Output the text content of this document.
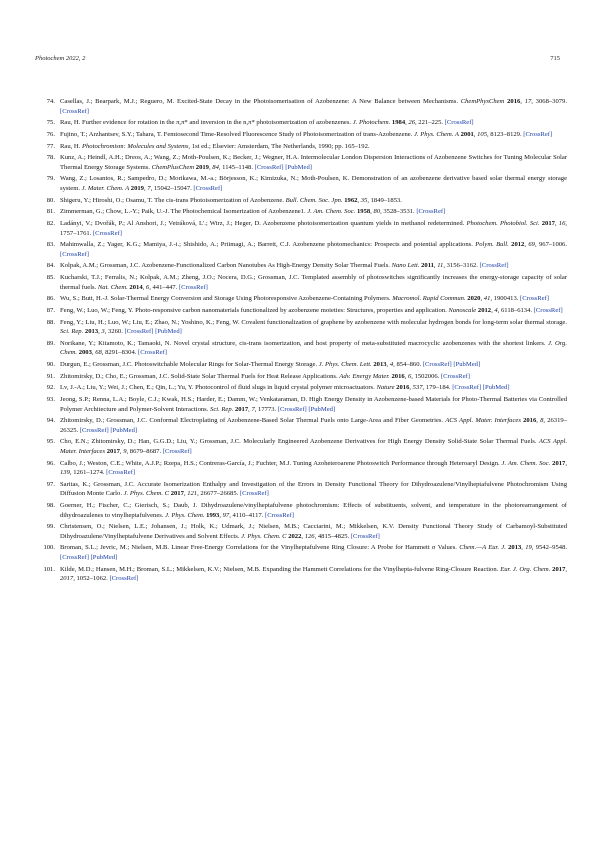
Photochem 2022, 2	715
74. Casellas, J.; Bearpark, M.J.; Reguero, M. Excited-State Decay in the Photoisomerisation of Azobenzene: A New Balance between Mechanisms. ChemPhysChem 2016, 17, 3068–3079. [CrossRef]
75. Rau, H. Further evidence for rotation in the π,π* and inversion in the n,π* photoisomerization of azobenzenes. J. Photochem. 1984, 26, 221–225. [CrossRef]
76. Fujino, T.; Arzhantsev, S.Y.; Tahara, T. Femtosecond Time-Resolved Fluorescence Study of Photoisomerization of trans-Azobenzene. J. Phys. Chem. A 2001, 105, 8123–8129. [CrossRef]
77. Rau, H. Photochromism: Molecules and Systems, 1st ed.; Elsevier: Amsterdam, The Netherlands, 1990; pp. 165–192.
78. Kunz, A.; Heindl, A.H.; Dreos, A.; Wang, Z.; Moth-Poulsen, K.; Becker, J.; Wegner, H.A. Intermolecular London Dispersion Interactions of Azobenzene Switches for Tuning Molecular Solar Thermal Energy Storage Systems. ChemPlusChem 2019, 84, 1145–1148. [CrossRef] [PubMed]
79. Wang, Z.; Losantos, R.; Sampedro, D.; Morikawa, M.-a.; Börjesson, K.; Kimizuka, N.; Moth-Poulsen, K. Demonstration of an azobenzene derivative based solar thermal energy storage system. J. Mater. Chem. A 2019, 7, 15042–15047. [CrossRef]
80. Shigeru, Y.; Hiroshi, O.; Osamu, T. The cis-trans Photoisomerization of Azobenzene. Bull. Chem. Soc. Jpn. 1962, 35, 1849–1853.
81. Zimmerman, G.; Chow, L.-Y.; Paik, U.-J. The Photochemical Isomerization of Azobenzene1. J. Am. Chem. Soc. 1958, 80, 3528–3531. [CrossRef]
82. Ladányi, V.; Dvořák, P.; Al Anshori, J.; Vetráková, L'.; Wirz, J.; Heger, D. Azobenzene photoisomerization quantum yields in methanol redetermined. Photochem. Photobiol. Sci. 2017, 16, 1757–1761. [CrossRef]
83. Mahimwalla, Z.; Yager, K.G.; Mamiya, J.-i.; Shishido, A.; Priimagi, A.; Barrett, C.J. Azobenzene photomechanics: Prospects and potential applications. Polym. Bull. 2012, 69, 967–1006. [CrossRef]
84. Kolpak, A.M.; Grossman, J.C. Azobenzene-Functionalized Carbon Nanotubes As High-Energy Density Solar Thermal Fuels. Nano Lett. 2011, 11, 3156–3162. [CrossRef]
85. Kucharski, T.J.; Ferralis, N.; Kolpak, A.M.; Zheng, J.O.; Nocera, D.G.; Grossman, J.C. Templated assembly of photoswitches significantly increases the energy-storage capacity of solar thermal fuels. Nat. Chem. 2014, 6, 441–447. [CrossRef]
86. Wu, S.; Butt, H.-J. Solar-Thermal Energy Conversion and Storage Using Photoresponsive Azobenzene-Containing Polymers. Macromol. Rapid Commun. 2020, 41, 1900413. [CrossRef]
87. Feng, W.; Luo, W.; Feng, Y. Photo-responsive carbon nanomaterials functionalized by azobenzene moieties: Structures, properties and application. Nanoscale 2012, 4, 6118–6134. [CrossRef]
88. Feng, Y.; Liu, H.; Luo, W.; Liu, E.; Zhao, N.; Yoshino, K.; Feng, W. Covalent functionalization of graphene by azobenzene with molecular hydrogen bonds for long-term solar thermal storage. Sci. Rep. 2013, 3, 3260. [CrossRef] [PubMed]
89. Norikane, Y.; Kitamoto, K.; Tamaoki, N. Novel crystal structure, cis-trans isomerization, and host property of meta-substituted macrocyclic azobenzenes with the shortest linkers. J. Org. Chem. 2003, 68, 8291–8304. [CrossRef]
90. Durgun, E.; Grossman, J.C. Photoswitchable Molecular Rings for Solar-Thermal Energy Storage. J. Phys. Chem. Lett. 2013, 4, 854–860. [CrossRef] [PubMed]
91. Zhitomirsky, D.; Cho, E.; Grossman, J.C. Solid-State Solar Thermal Fuels for Heat Release Applications. Adv. Energy Mater. 2016, 6, 1502006. [CrossRef]
92. Lv, J.-A.; Liu, Y.; Wei, J.; Chen, E.; Qin, L.; Yu, Y. Photocontrol of fluid slugs in liquid crystal polymer microactuators. Nature 2016, 537, 179–184. [CrossRef] [PubMed]
93. Jeong, S.P.; Renna, L.A.; Boyle, C.J.; Kwak, H.S.; Harder, E.; Damm, W.; Venkataraman, D. High Energy Density in Azobenzene-based Materials for Photo-Thermal Batteries via Controlled Polymer Architecture and Polymer-Solvent Interactions. Sci. Rep. 2017, 7, 17773. [CrossRef] [PubMed]
94. Zhitomirsky, D.; Grossman, J.C. Conformal Electroplating of Azobenzene-Based Solar Thermal Fuels onto Large-Area and Fiber Geometries. ACS Appl. Mater. Interfaces 2016, 8, 26319–26325. [CrossRef] [PubMed]
95. Cho, E.N.; Zhitomirsky, D.; Han, G.G.D.; Liu, Y.; Grossman, J.C. Molecularly Engineered Azobenzene Derivatives for High Energy Density Solid-State Solar Thermal Fuels. ACS Appl. Mater. Interfaces 2017, 9, 8679–8687. [CrossRef]
96. Calbo, J.; Weston, C.E.; White, A.J.P.; Rzepa, H.S.; Contreras-García, J.; Fuchter, M.J. Tuning Azoheteroarene Photoswitch Performance through Heteroaryl Design. J. Am. Chem. Soc. 2017, 139, 1261–1274. [CrossRef]
97. Saritas, K.; Grossman, J.C. Accurate Isomerization Enthalpy and Investigation of the Errors in Density Functional Theory for Dihydroazulene/Vinylheptafulvene Photochromism Using Diffusion Monte Carlo. J. Phys. Chem. C 2017, 121, 26677–26685. [CrossRef]
98. Goerner, H.; Fischer, C.; Gierisch, S.; Daub, J. Dihydroazulene/vinylheptafulvene photochromism: Effects of substituents, solvent, and temperature in the photorearrangement of dihydroazulenes to vinylheptafulvenes. J. Phys. Chem. 1993, 97, 4110–4117. [CrossRef]
99. Christensen, O.; Nielsen, L.E.; Johansen, J.; Holk, K.; Udmark, J.; Nielsen, M.B.; Cacciarini, M.; Mikkelsen, K.V. Density Functional Theory Study of Carbamoyl-Substituted Dihydroazulene/Vinylheptafulvene Derivatives and Solvent Effects. J. Phys. Chem. C 2022, 126, 4815–4825. [CrossRef]
100. Broman, S.L.; Jevric, M.; Nielsen, M.B. Linear Free-Energy Correlations for the Vinylheptafulvene Ring Closure: A Probe for Hammett σ Values. Chem.—A Eur. J. 2013, 19, 9542–9548. [CrossRef] [PubMed]
101. Kilde, M.D.; Hansen, M.H.; Broman, S.L.; Mikkelsen, K.V.; Nielsen, M.B. Expanding the Hammett Correlations for the Vinylhepta-fulvene Ring-Closure Reaction. Eur. J. Org. Chem. 2017, 2017, 1052–1062. [CrossRef]
